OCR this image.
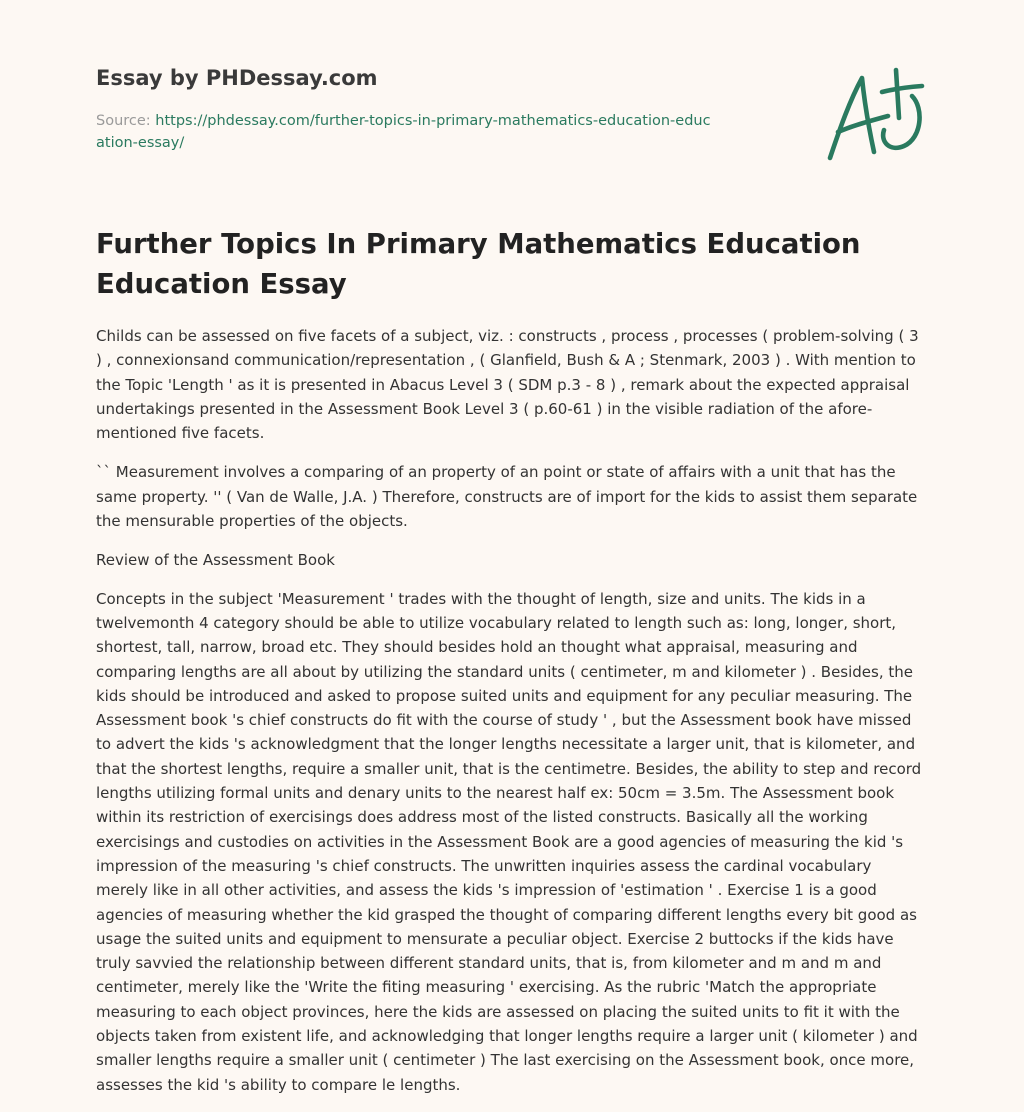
Essay by PHDessay.com
Source: https://phdessay.com/further-topics-in-primary-mathematics-education-education-essay/
Further Topics In Primary Mathematics Education Education Essay

Childs can be assessed on five facets of a subject, viz. : constructs , process , processes ( problem-solving ( 3 ) , connexionsand communication/representation , ( Glanfield, Bush & A ; Stenmark, 2003 ) . With mention to the Topic 'Length ' as it is presented in Abacus Level 3 ( SDM p.3 - 8 ) , remark about the expected appraisal undertakings presented in the Assessment Book Level 3 ( p.60-61 ) in the visible radiation of the afore-mentioned five facets.

`` Measurement involves a comparing of an property of an point or state of affairs with a unit that has the same property. '' ( Van de Walle, J.A. ) Therefore, constructs are of import for the kids to assist them separate the mensurable properties of the objects.

Review of the Assessment Book

Concepts in the subject 'Measurement ' trades with the thought of length, size and units. The kids in a twelvemonth 4 category should be able to utilize vocabulary related to length such as: long, longer, short, shortest, tall, narrow, broad etc. They should besides hold an thought what appraisal, measuring and comparing lengths are all about by utilizing the standard units ( centimeter, m and kilometer ) . Besides, the kids should be introduced and asked to propose suited units and equipment for any peculiar measuring. The Assessment book 's chief constructs do fit with the course of study ' , but the Assessment book have missed to advert the kids 's acknowledgment that the longer lengths necessitate a larger unit, that is kilometer, and that the shortest lengths, require a smaller unit, that is the centimetre. Besides, the ability to step and record lengths utilizing formal units and denary units to the nearest half ex: 50cm = 3.5m. The Assessment book within its restriction of exercisings does address most of the listed constructs. Basically all the working exercisings and custodies on activities in the Assessment Book are a good agencies of measuring the kid 's impression of the measuring 's chief constructs. The unwritten inquiries assess the cardinal vocabulary merely like in all other activities, and assess the kids 's impression of 'estimation ' . Exercise 1 is a good agencies of measuring whether the kid grasped the thought of comparing different lengths every bit good as usage the suited units and equipment to mensurate a peculiar object. Exercise 2 buttocks if the kids have truly savvied the relationship between different standard units, that is, from kilometer and m and m and centimeter, merely like the 'Write the fiting measuring ' exercising. As the rubric 'Match the appropriate measuring to each object provinces, here the kids are assessed on placing the suited units to fit it with the objects taken from existent life, and acknowledging that longer lengths require a larger unit ( kilometer ) and smaller lengths require a smaller unit ( centimeter ) The last exercising on the Assessment book, once more, assesses the kid 's ability to compare le lengths.
